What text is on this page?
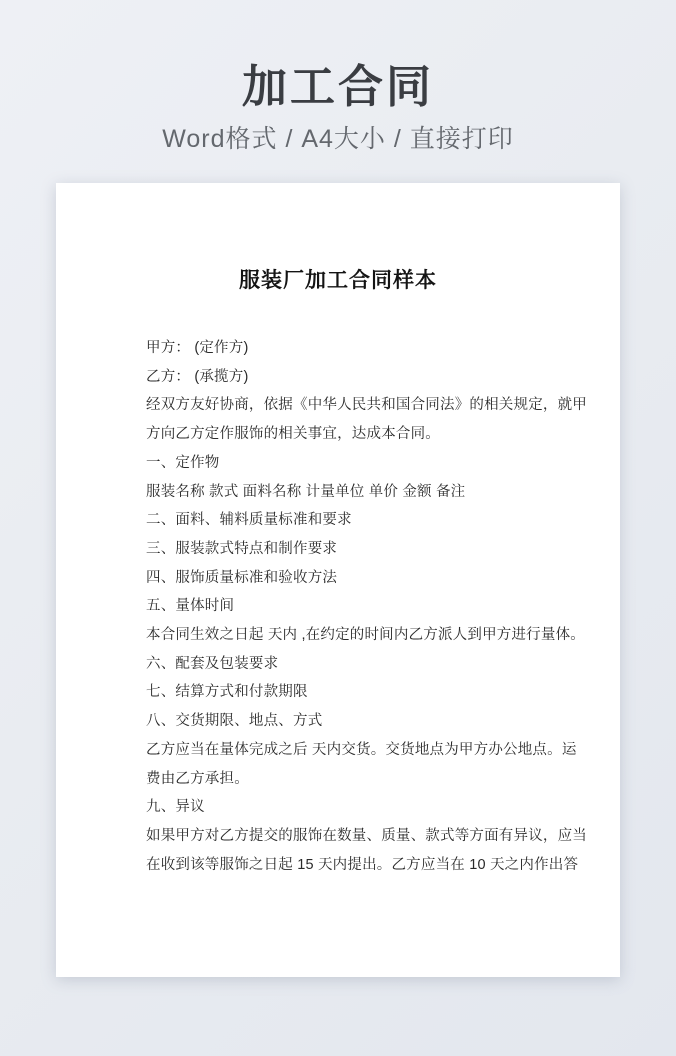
加工合同
Word格式 / A4大小 / 直接打印
服装厂加工合同样本
甲方： (定作方)
乙方： (承揽方)
经双方友好协商，依据《中华人民共和国合同法》的相关规定，就甲
方向乙方定作服饰的相关事宜，达成本合同。
一、定作物
服装名称 款式 面料名称 计量单位 单价 金额 备注
二、面料、辅料质量标准和要求
三、服装款式特点和制作要求
四、服饰质量标准和验收方法
五、量体时间
本合同生效之日起 天内 ,在约定的时间内乙方派人到甲方进行量体。
六、配套及包装要求
七、结算方式和付款期限
八、交货期限、地点、方式
乙方应当在量体完成之后 天内交货。交货地点为甲方办公地点。运
费由乙方承担。
九、异议
如果甲方对乙方提交的服饰在数量、质量、款式等方面有异议，应当
在收到该等服饰之日起 15 天内提出。乙方应当在 10 天之内作出答
